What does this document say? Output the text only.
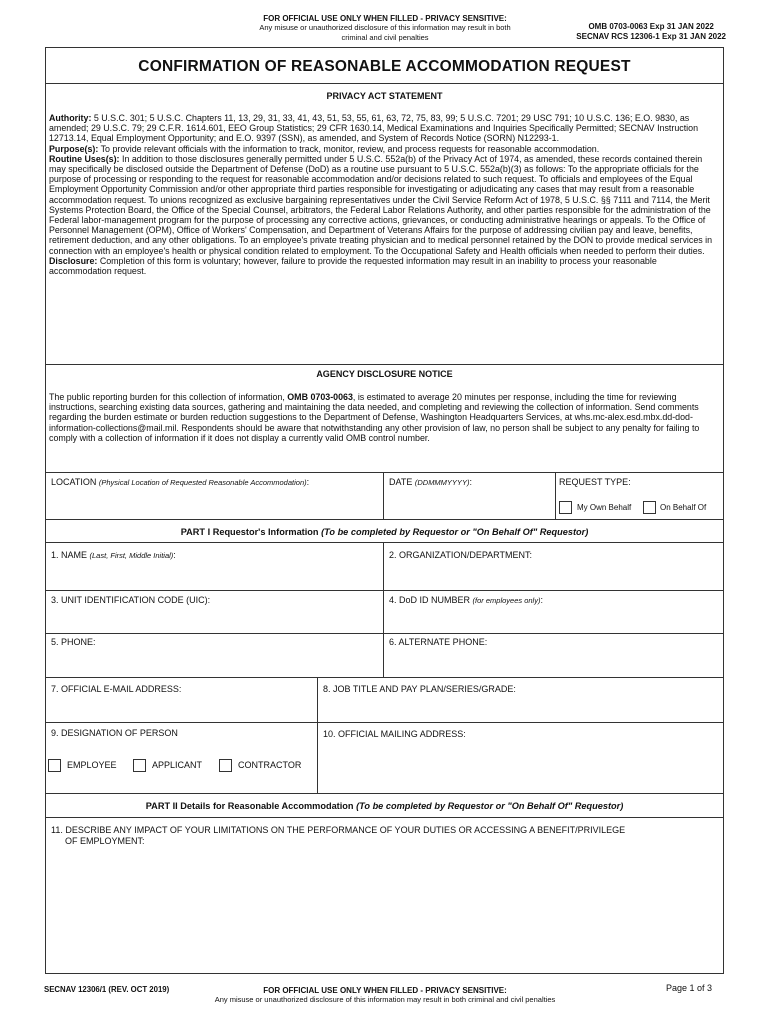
FOR OFFICIAL USE ONLY WHEN FILLED - PRIVACY SENSITIVE:
Any misuse or unauthorized disclosure of this information may result in both
criminal and civil penalties
OMB 0703-0063 Exp 31 JAN 2022
SECNAV RCS 12306-1 Exp 31 JAN 2022
CONFIRMATION OF REASONABLE ACCOMMODATION REQUEST
PRIVACY ACT STATEMENT

Authority: 5 U.S.C. 301; 5 U.S.C. Chapters 11, 13, 29, 31, 33, 41, 43, 51, 53, 55, 61, 63, 72, 75, 83, 99; 5 U.S.C. 7201; 29 USC 791; 10 U.S.C. 136; E.O. 9830, as amended; 29 U.S.C. 79; 29 C.F.R. 1614.601, EEO Group Statistics; 29 CFR 1630.14, Medical Examinations and Inquiries Specifically Permitted; SECNAV Instruction 12713.14, Equal Employment Opportunity; and E.O. 9397 (SSN), as amended, and System of Records Notice (SORN) N12293-1.

Purpose(s): To provide relevant officials with the information to track, monitor, review, and process requests for reasonable accommodation.

Routine Uses(s): In addition to those disclosures generally permitted under 5 U.S.C. 552a(b) of the Privacy Act of 1974, as amended, these records contained therein may specifically be disclosed outside the Department of Defense (DoD) as a routine use pursuant to 5 U.S.C. 552a(b)(3) as follows: To the appropriate officials for the purpose of processing or responding to the request for reasonable accommodation and/or decisions related to such request. To officials and employees of the Equal Employment Opportunity Commission and/or other appropriate third parties responsible for investigating or adjudicating any cases that may result from a reasonable accommodation request. To unions recognized as exclusive bargaining representatives under the Civil Service Reform Act of 1978, 5 U.S.C. §§ 7111 and 7114, the Merit Systems Protection Board, the Office of the Special Counsel, arbitrators, the Federal Labor Relations Authority, and other parties responsible for the administration of the Federal labor-management program for the purpose of processing any corrective actions, grievances, or conducting administrative hearings or appeals. To the Office of Personnel Management (OPM), Office of Workers' Compensation, and Department of Veterans Affairs for the purpose of addressing civilian pay and leave, benefits, retirement deduction, and any other obligations. To an employee's private treating physician and to medical personnel retained by the DON to provide medical services in connection with an employee's health or physical condition related to employment. To the Occupational Safety and Health officials when needed to perform their duties.

Disclosure: Completion of this form is voluntary; however, failure to provide the requested information may result in an inability to process your reasonable accommodation request.

AGENCY DISCLOSURE NOTICE

The public reporting burden for this collection of information, OMB 0703-0063, is estimated to average 20 minutes per response, including the time for reviewing instructions, searching existing data sources, gathering and maintaining the data needed, and completing and reviewing the collection of information. Send comments regarding the burden estimate or burden reduction suggestions to the Department of Defense, Washington Headquarters Services, at whs.mc-alex.esd.mbx.dd-dod-information-collections@mail.mil. Respondents should be aware that notwithstanding any other provision of law, no person shall be subject to any penalty for failing to comply with a collection of information if it does not display a currently valid OMB control number.

LOCATION (Physical Location of Requested Reasonable Accommodation):	DATE (DDMMMYYYY):	REQUEST TYPE:
My Own Behalf	On Behalf Of
PART I Requestor's Information (To be completed by Requestor or "On Behalf Of" Requestor)
1. NAME (Last, First, Middle Initial):	2. ORGANIZATION/DEPARTMENT:
3. UNIT IDENTIFICATION CODE (UIC):	4. DoD ID NUMBER (for employees only):
5. PHONE:	6. ALTERNATE PHONE:
7. OFFICIAL E-MAIL ADDRESS:	8. JOB TITLE AND PAY PLAN/SERIES/GRADE:
9. DESIGNATION OF PERSON	10. OFFICIAL MAILING ADDRESS:
EMPLOYEE	APPLICANT	CONTRACTOR
PART II Details for Reasonable Accommodation (To be completed by Requestor or "On Behalf Of" Requestor)
11. DESCRIBE ANY IMPACT OF YOUR LIMITATIONS ON THE PERFORMANCE OF YOUR DUTIES OR ACCESSING A BENEFIT/PRIVILEGE
OF EMPLOYMENT:
SECNAV 12306/1 (REV. OCT 2019)	FOR OFFICIAL USE ONLY WHEN FILLED - PRIVACY SENSITIVE:
Any misuse or unauthorized disclosure of this information may result in both criminal and civil penalties
Page 1 of 3
